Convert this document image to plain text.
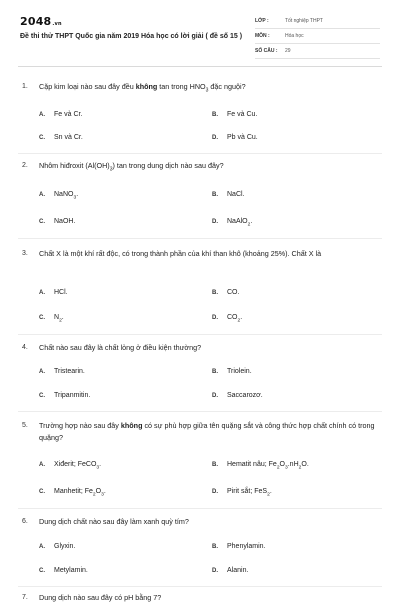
2048.vn
Đề thi thử THPT Quốc gia năm 2019 Hóa học có lời giải ( đề số 15 )
LỚP :	Tốt nghiệp THPT
MÔN :	Hóa học
SỐ CÂU : 29
1. Cặp kim loại nào sau đây đều không tan trong $HNO_3$ đặc nguội?
A. Fe và Cr.	B. Fe và Cu.
C. Sn và Cr.	D. Pb và Cu.
2. Nhôm hiđroxit $(Al(OH)_3)$ tan trong dung dịch nào sau đây?
A. NaNO$_3$.	B. NaCl.
C. NaOH.	D. NaAlO$_2$.
3. Chất X là một khí rất độc, có trong thành phần của khí than khô (khoảng 25%). Chất X là
A. HCl.	B. CO.
C. $N_2$.	D. $CO_2$.
4. Chất nào sau đây là chất lỏng ở điều kiện thường?
A. Tristearin.	B. Triolein.
C. Tripanmitin.	D. Saccarozơ.
5. Trường hợp nào sau đây không có sự phù hợp giữa tên quặng sắt và công thức hợp chất chính có trong quặng?
A. Xiđerit; FeCO$_3$.	B. Hematit nâu; $Fe_2O_3.nH_2O$.
C. Manhetit; $Fe_2O_3$.	D. Pirit sắt; FeS$_2$.
6. Dung dịch chất nào sau đây làm xanh quỳ tím?
A. Glyxin.	B. Phenylamin.
C. Metylamin.	D. Alanin.
7. Dung dịch nào sau đây có pH bằng 7?
